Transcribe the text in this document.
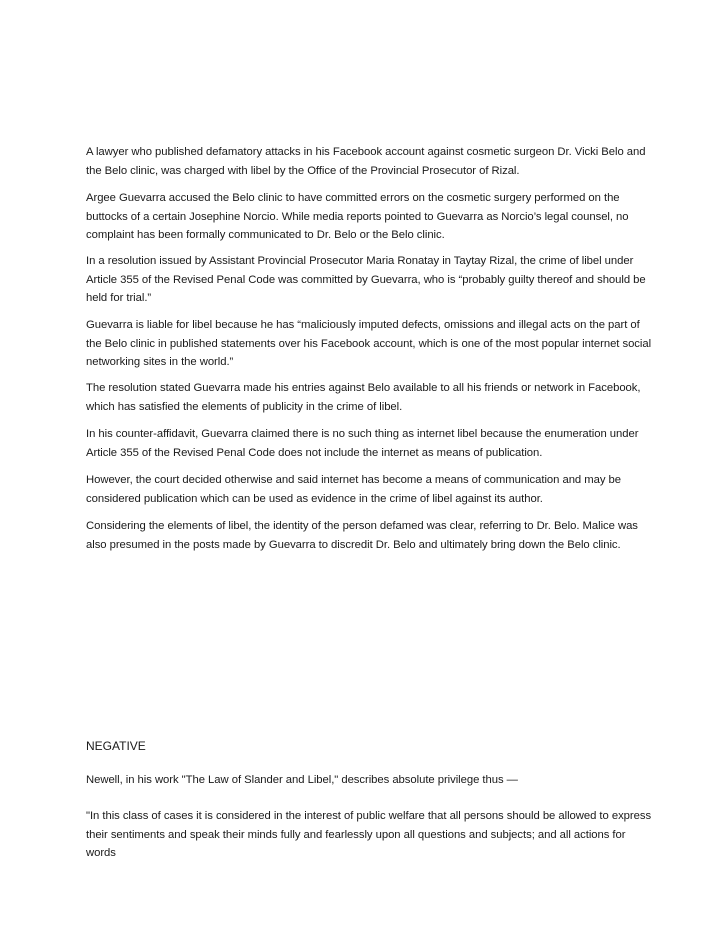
A lawyer who published defamatory attacks in his Facebook account against cosmetic surgeon Dr. Vicki Belo and the Belo clinic, was charged with libel by the Office of the Provincial Prosecutor of Rizal.

Argee Guevarra accused the Belo clinic to have committed errors on the cosmetic surgery performed on the buttocks of a certain Josephine Norcio. While media reports pointed to Guevarra as Norcio’s legal counsel, no complaint has been formally communicated to Dr. Belo or the Belo clinic.

In a resolution issued by Assistant Provincial Prosecutor Maria Ronatay in Taytay Rizal, the crime of libel under Article 355 of the Revised Penal Code was committed by Guevarra, who is “probably guilty thereof and should be held for trial.”

Guevarra is liable for libel because he has “maliciously imputed defects, omissions and illegal acts on the part of the Belo clinic in published statements over his Facebook account, which is one of the most popular internet social networking sites in the world.”

The resolution stated Guevarra made his entries against Belo available to all his friends or network in Facebook, which has satisfied the elements of publicity in the crime of libel.

In his counter-affidavit, Guevarra claimed there is no such thing as internet libel because the enumeration under Article 355 of the Revised Penal Code does not include the internet as means of publication.

However, the court decided otherwise and said internet has become a means of communication and may be considered publication which can be used as evidence in the crime of libel against its author.

Considering the elements of libel, the identity of the person defamed was clear, referring to Dr. Belo. Malice was also presumed in the posts made by Guevarra to discredit Dr. Belo and ultimately bring down the Belo clinic.

NEGATIVE

Newell, in his work "The Law of Slander and Libel," describes absolute privilege thus —

"In this class of cases it is considered in the interest of public welfare that all persons should be allowed to express their sentiments and speak their minds fully and fearlessly upon all questions and subjects; and all actions for words
